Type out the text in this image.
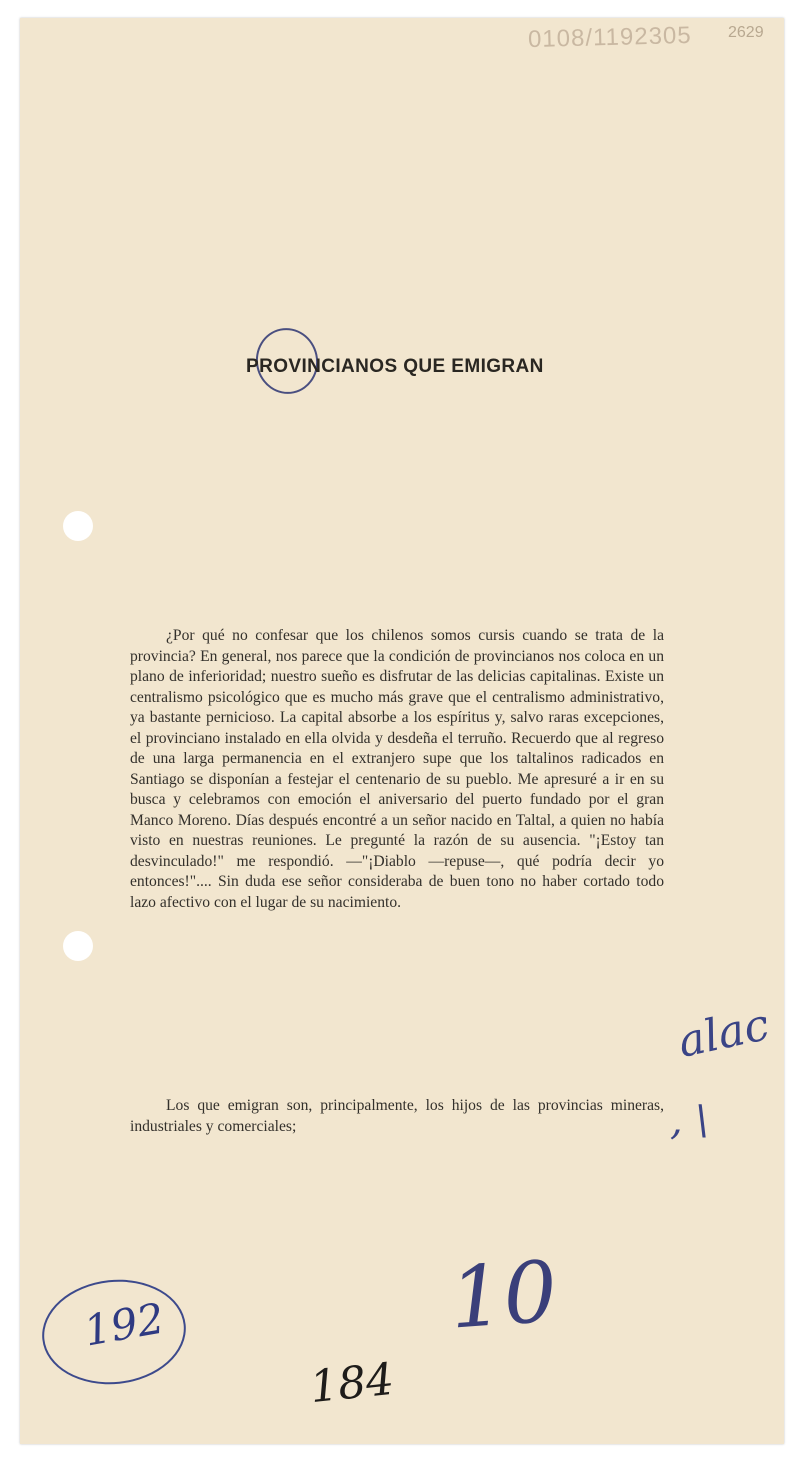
0108/1192305 2629
PROVINCIANOS QUE EMIGRAN

¿Por qué no confesar que los chilenos somos cursis cuando se trata de la provincia? En general, nos parece que la condición de provincianos nos coloca en un plano de inferioridad; nuestro sueño es disfrutar de las delicias capitalinas. Existe un centralismo psicológico que es mucho más grave que el centralismo administrativo, ya bastante pernicioso. La capital absorbe a los espíritus y, salvo raras excepciones, el provinciano instalado en ella olvida y desdeña el terruño. Recuerdo que al regreso de una larga permanencia en el extranjero supe que los taltalinos radicados en Santiago se disponían a festejar el centenario de su pueblo. Me apresuré a ir en su busca y celebramos con emoción el aniversario del puerto fundado por el gran Manco Moreno. Días después encontré a un señor nacido en Taltal, a quien no había visto en nuestras reuniones. Le pregunté la razón de su ausencia. "¡Estoy tan desvinculado!" me respondió. —"¡Diablo —repuse—, qué podría decir yo entonces!".... Sin duda ese señor consideraba de buen tono no haber cortado todo lazo afectivo con el lugar de su nacimiento.

Los que emigran son, principalmente, los hijos de las provincias mineras, industriales y comerciales;

alac
, \
192	10
184
